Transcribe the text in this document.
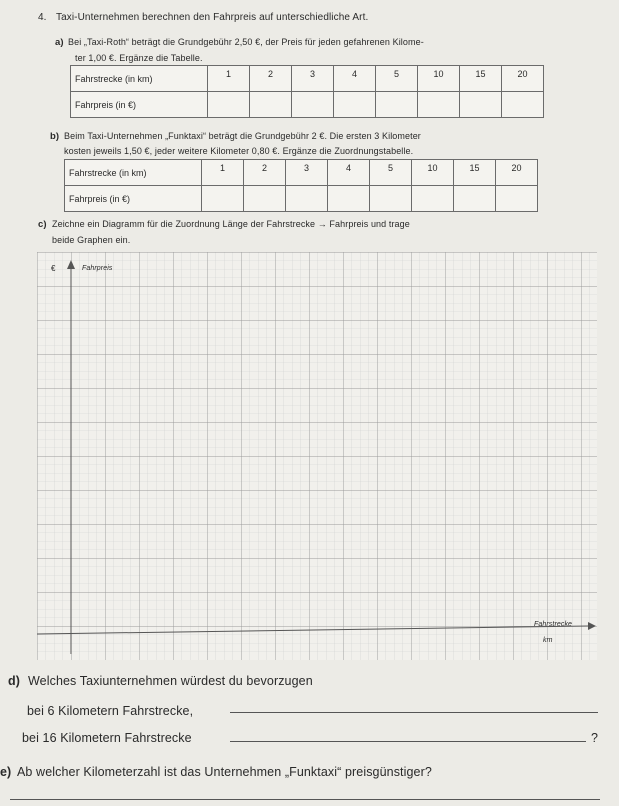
4. Taxi-Unternehmen berechnen den Fahrpreis auf unterschiedliche Art.
a) Bei „Taxi-Roth“ beträgt die Grundgebühr 2,50 €, der Preis für jeden gefahrenen Kilome-
ter 1,00 €. Ergänze die Tabelle.
Fahrstrecke (in km)	1	2	3	4	5	10	15	20
Fahrpreis (in €)								
b) Beim Taxi-Unternehmen „Funktaxi“ beträgt die Grundgebühr 2 €. Die ersten 3 Kilometer
kosten jeweils 1,50 €, jeder weitere Kilometer 0,80 €. Ergänze die Zuordnungstabelle.
Fahrstrecke (in km)	1	2	3	4	5	10	15	20
Fahrpreis (in €)								
c) Zeichne ein Diagramm für die Zuordnung Länge der Fahrstrecke → Fahrpreis und trage
beide Graphen ein.
€	Fahrpreis
Fahrstrecke
km
d) Welches Taxiunternehmen würdest du bevorzugen
bei 6 Kilometern Fahrstrecke,
bei 16 Kilometern Fahrstrecke	?
e) Ab welcher Kilometerzahl ist das Unternehmen „Funktaxi“ preisgünstiger?
